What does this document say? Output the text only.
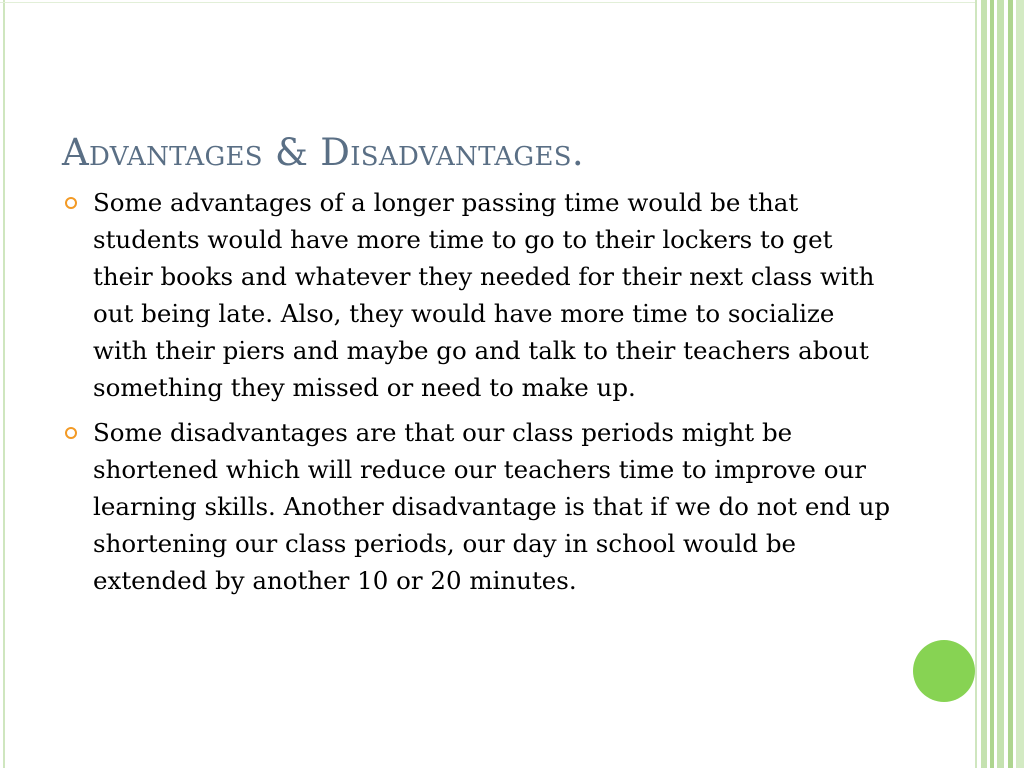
Advantages & Disadvantages.
Some advantages of a longer passing time would be that students would have more time to go to their lockers to get their books and whatever they needed for their next class with out being late. Also, they would have more time to socialize with their piers and maybe go and talk to their teachers about something they missed or need to make up.
Some disadvantages are that our class periods might be shortened which will reduce our teachers time to improve our learning skills. Another disadvantage is that if we do not end up shortening our class periods, our day in school would be extended by another 10 or 20 minutes.
